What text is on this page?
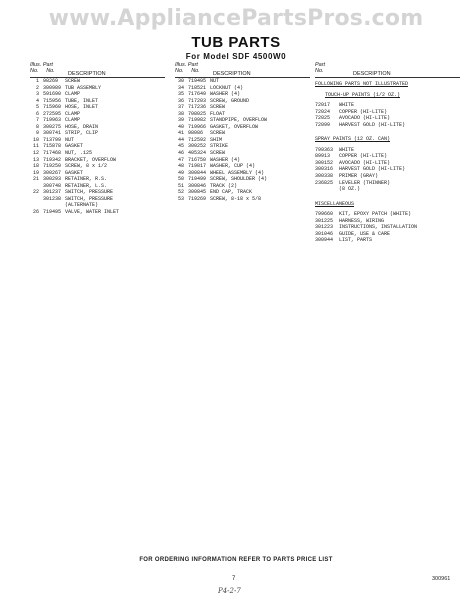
www.AppliancePartsPros.com
TUB PARTS
For Model SDF 4500W0
Illus. Part
No. No. DESCRIPTION
1 98269	SCREW
2 300989 TUB ASSEMBLY
3 591690 CLAMP
4 715956 TUBE, INLET
5 715960 HOSE, INLET
6 272595 CLAMP
7 719963 CLAMP
8 300275 HOSE, DRAIN
9 300741 STRIP, CLIP
10 713799 NUT
11 715878 GASKET
12 717468 NUT, .125
13 719342 BRACKET, OVERFLOW
18 719250 SCREW, 8 x 1/2
19 300267 GASKET
21 300293 RETAINER, R.S.
300748 RETAINER, L.S.
22 301237 SWITCH, PRESSURE
301238 SWITCH, PRESSURE
(ALTERNATE)
26 719495 VALVE, WATER INLET
Illus. Part
No. No. DESCRIPTION
30 719495 NUT
34 718521 LOCKNUT (4)
35 717649 WASHER (4)
36 717203 SCREW, GROUND
37 717236 SCREW
38 708025 FLOAT
39 719982 STANDPIPE, OVERFLOW
40 719966 GASKET, OVERFLOW
41 98086	SCREW
44 712592 SHIM
45 300252 STRIKE
46 405324 SCREW
47 716750 WASHER (4)
48 719817 WASHER, CUP (4)
49 300844 WHEEL ASSEMBLY (4)
50 719499 SCREW, SHOULDER (4)
51 300846 TRACK (2)
52 300845 END CAP, TRACK
53 719269 SCREW, 8-18 x 5/8
Part
No.	DESCRIPTION
FOLLOWING PARTS NOT ILLUSTRATED
TOUCH-UP PAINTS (1/2 OZ.)
72017	WHITE
72024	COPPER (HI-LITE)
72025	AVOCADO (HI-LITE)
72099	HARVEST GOLD (HI-LITE)
SPRAY PAINTS (12 OZ. CAN)
799363	WHITE
89913	COPPER (HI-LITE)
300152	AVOCADO (HI-LITE)
300316	HARVEST GOLD (HI-LITE)
300338	PRIMER (GRAY)
236825	LEVELER (THINNER)
(8 OZ.)
MISCELLANEOUS
799660	KIT, EPOXY PATCH (WHITE)
301225	HARNESS, WIRING
301223	INSTRUCTIONS, INSTALLATION
301046	GUIDE, USE & CARE
300944	LIST, PARTS
FOR ORDERING INFORMATION REFER TO PARTS PRICE LIST
7	300961
P4-2-7
